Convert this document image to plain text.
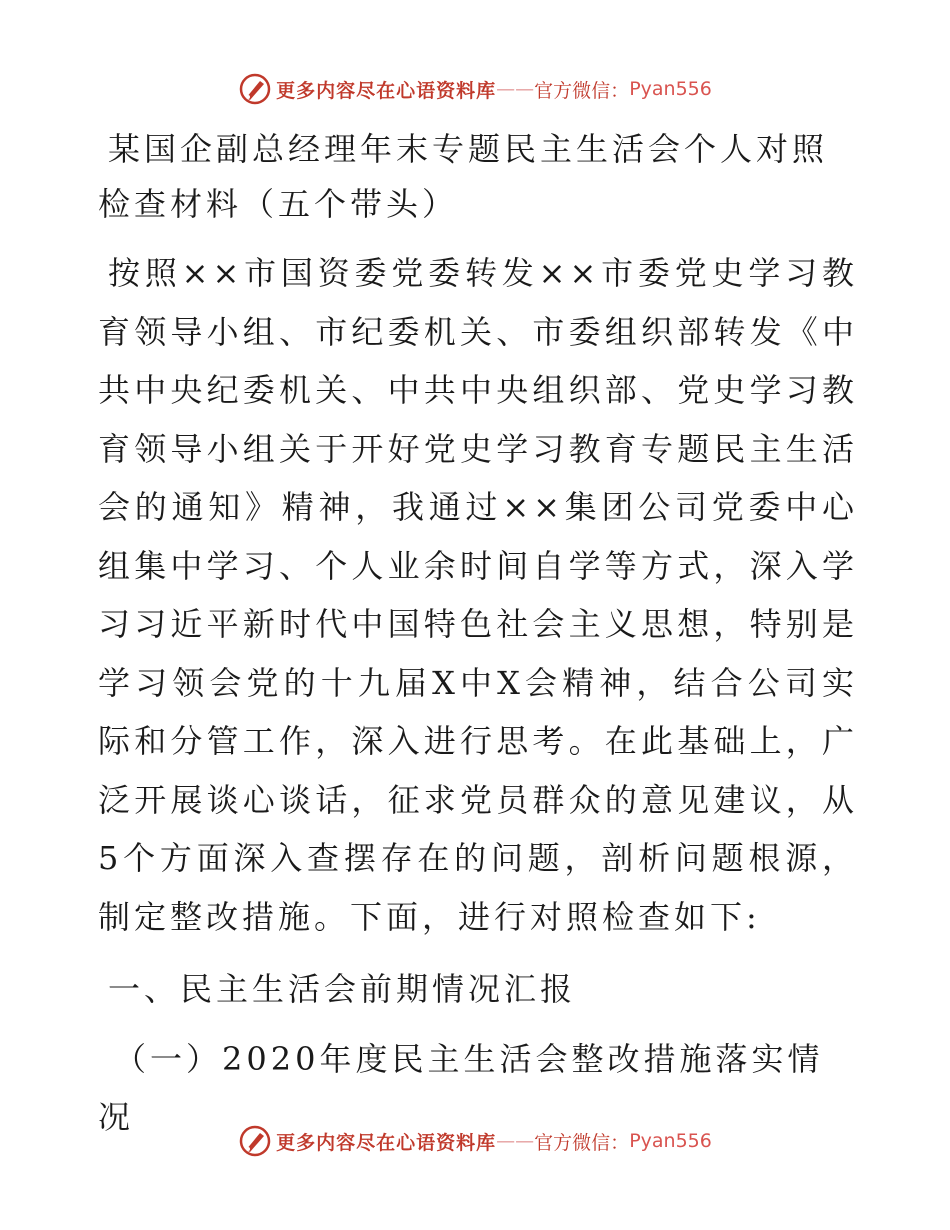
更多内容尽在心语资料库 —— 官方微信： Pyan556
某国企副总经理年末专题民主生活会个人对照检查材料（五个带头）

按照××市国资委党委转发××市委党史学习教育领导小组、市纪委机关、市委组织部转发《中共中央纪委机关、中共中央组织部、党史学习教育领导小组关于开好党史学习教育专题民主生活会的通知》精神，我通过××集团公司党委中心组集中学习、个人业余时间自学等方式，深入学习习近平新时代中国特色社会主义思想，特别是学习领会党的十九届X中X会精神，结合公司实际和分管工作，深入进行思考。在此基础上，广泛开展谈心谈话，征求党员群众的意见建议，从5个方面深入查摆存在的问题，剖析问题根源，制定整改措施。下面，进行对照检查如下:

一、民主生活会前期情况汇报

（一）2020年度民主生活会整改措施落实情况

更多内容尽在心语资料库 —— 官方微信： Pyan556
